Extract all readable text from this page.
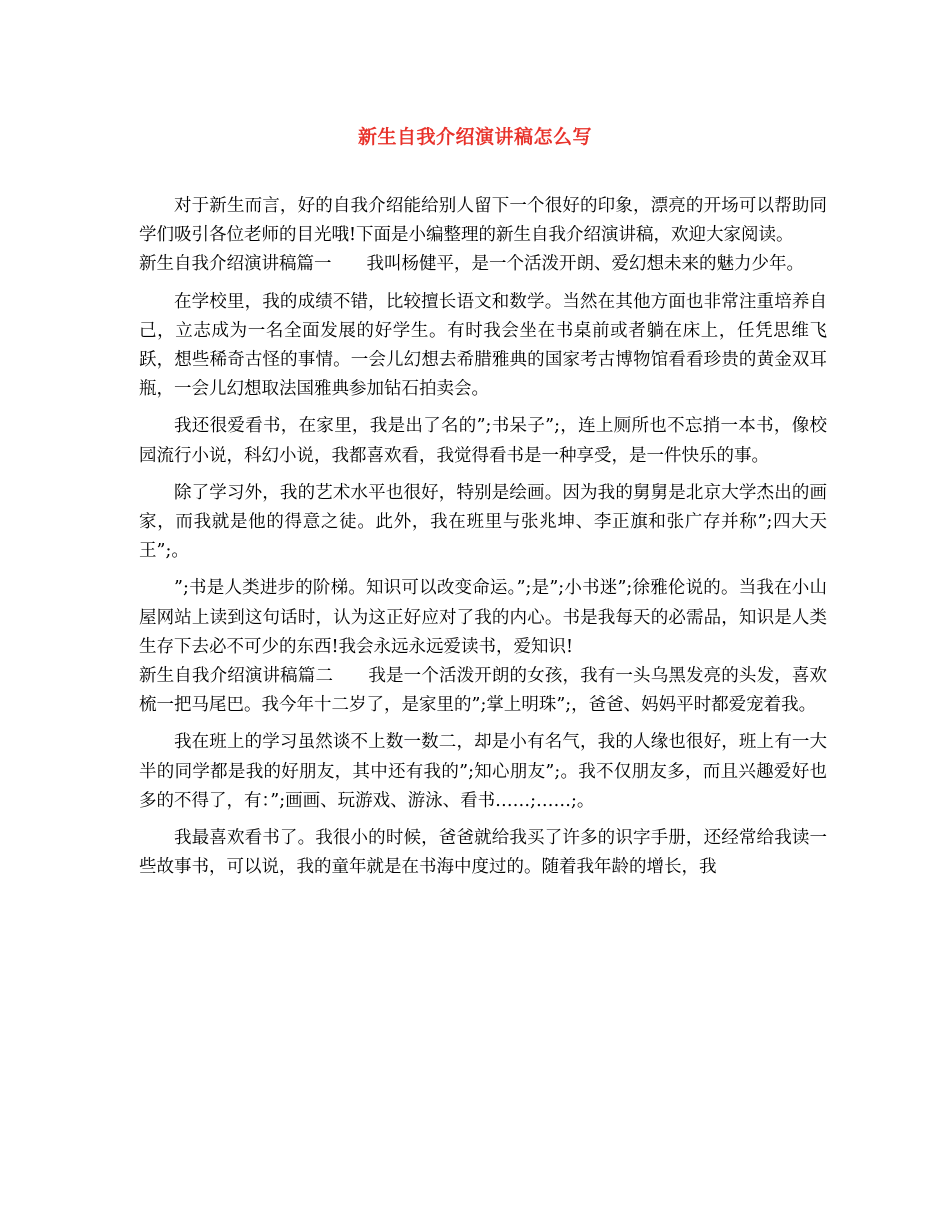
新生自我介绍演讲稿怎么写

对于新生而言，好的自我介绍能给别人留下一个很好的印象，漂亮的开场可以帮助同学们吸引各位老师的目光哦!下面是小编整理的新生自我介绍演讲稿，欢迎大家阅读。

新生自我介绍演讲稿篇一　　我叫杨健平，是一个活泼开朗、爱幻想未来的魅力少年。

在学校里，我的成绩不错，比较擅长语文和数学。当然在其他方面也非常注重培养自己，立志成为一名全面发展的好学生。有时我会坐在书桌前或者躺在床上，任凭思维飞跃，想些稀奇古怪的事情。一会儿幻想去希腊雅典的国家考古博物馆看看珍贵的黄金双耳瓶，一会儿幻想取法国雅典参加钻石拍卖会。

我还很爱看书，在家里，我是出了名的”;书呆子”;，连上厕所也不忘捎一本书，像校园流行小说，科幻小说，我都喜欢看，我觉得看书是一种享受，是一件快乐的事。

除了学习外，我的艺术水平也很好，特别是绘画。因为我的舅舅是北京大学杰出的画家，而我就是他的得意之徒。此外，我在班里与张兆坤、李正旗和张广存并称”;四大天王”;。

”;书是人类进步的阶梯。知识可以改变命运。”;是”;小书迷”;徐雅伦说的。当我在小山屋网站上读到这句话时，认为这正好应对了我的内心。书是我每天的必需品，知识是人类生存下去必不可少的东西!我会永远永远爱读书，爱知识!

新生自我介绍演讲稿篇二　　我是一个活泼开朗的女孩，我有一头乌黑发亮的头发，喜欢梳一把马尾巴。我今年十二岁了，是家里的”;掌上明珠”;，爸爸、妈妈平时都爱宠着我。

我在班上的学习虽然谈不上数一数二，却是小有名气，我的人缘也很好，班上有一大半的同学都是我的好朋友，其中还有我的”;知心朋友”;。我不仅朋友多，而且兴趣爱好也多的不得了，有：”;画画、玩游戏、游泳、看书……;……;。

我最喜欢看书了。我很小的时候，爸爸就给我买了许多的识字手册，还经常给我读一些故事书，可以说，我的童年就是在书海中度过的。随着我年龄的增长，我
